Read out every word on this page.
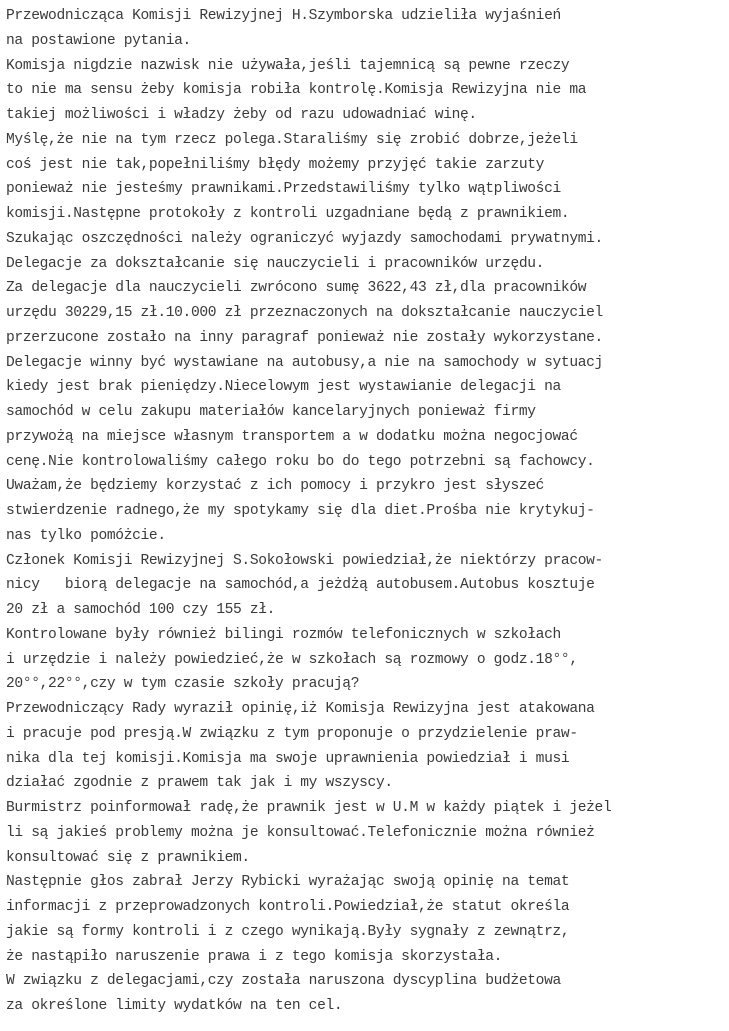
Przewodnicząca Komisji Rewizyjnej H.Szymborska udzieliła wyjaśnień
na postawione pytania.
Komisja nigdzie nazwisk nie używała,jeśli tajemnicą są pewne rzeczy
to nie ma sensu żeby komisja robiła kontrolę.Komisja Rewizyjna nie ma
takiej możliwości i władzy żeby od razu udowadniać winę.
Myślę,że nie na tym rzecz polega.Staraliśmy się zrobić dobrze,jeżeli
coś jest nie tak,popełniliśmy błędy możemy przyjęć takie zarzuty
ponieważ nie jesteśmy prawnikami.Przedstawiliśmy tylko wątpliwości
komisji.Następne protokoły z kontroli uzgadniane będą z prawnikiem.
Szukając oszczędności należy ograniczyć wyjazdy samochodami prywatnymi.
Delegacje za dokształcanie się nauczycieli i pracowników urzędu.
Za delegacje dla nauczycieli zwrócono sumę 3622,43 zł,dla pracowników
urzędu 30229,15 zł.10.000 zł przeznaczonych na dokształcanie nauczyciel
przerzucone zostało na inny paragraf ponieważ nie zostały wykorzystane.
Delegacje winny być wystawiane na autobusy,a nie na samochody w sytuacj
kiedy jest brak pieniędzy.Niecelowym jest wystawianie delegacji na
samochód w celu zakupu materiałów kancelaryjnych ponieważ firmy
przywożą na miejsce własnym transportem a w dodatku można negocjować
cenę.Nie kontrolowaliśmy całego roku bo do tego potrzebni są fachowcy.
Uważam,że będziemy korzystać z ich pomocy i przykro jest słyszeć
stwierdzenie radnego,że my spotykamy się dla diet.Prośba nie krytykuj-
nas tylko pomóżcie.
Członek Komisji Rewizyjnej S.Sokołowski powiedział,że niektórzy pracow-
nicy   biorą delegacje na samochód,a jeżdżą autobusem.Autobus kosztuje
20 zł a samochód 100 czy 155 zł.
Kontrolowane były również bilingi rozmów telefonicznych w szkołach
i urzędzie i należy powiedzieć,że w szkołach są rozmowy o godz.18°°,
20°°,22°°,czy w tym czasie szkoły pracują?
Przewodniczący Rady wyraził opinię,iż Komisja Rewizyjna jest atakowana
i pracuje pod presją.W związku z tym proponuje o przydzielenie praw-
nika dla tej komisji.Komisja ma swoje uprawnienia powiedział i musi
działać zgodnie z prawem tak jak i my wszyscy.
Burmistrz poinformował radę,że prawnik jest w U.M w każdy piątek i jeżel
li są jakieś problemy można je konsultować.Telefonicznie można również
konsultować się z prawnikiem.
Następnie głos zabrał Jerzy Rybicki wyrażając swoją opinię na temat
informacji z przeprowadzonych kontroli.Powiedział,że statut określa
jakie są formy kontroli i z czego wynikają.Były sygnały z zewnątrz,
że nastąpiło naruszenie prawa i z tego komisja skorzystała.
W związku z delegacjami,czy została naruszona dyscyplina budżetowa
za określone limity wydatków na ten cel.
